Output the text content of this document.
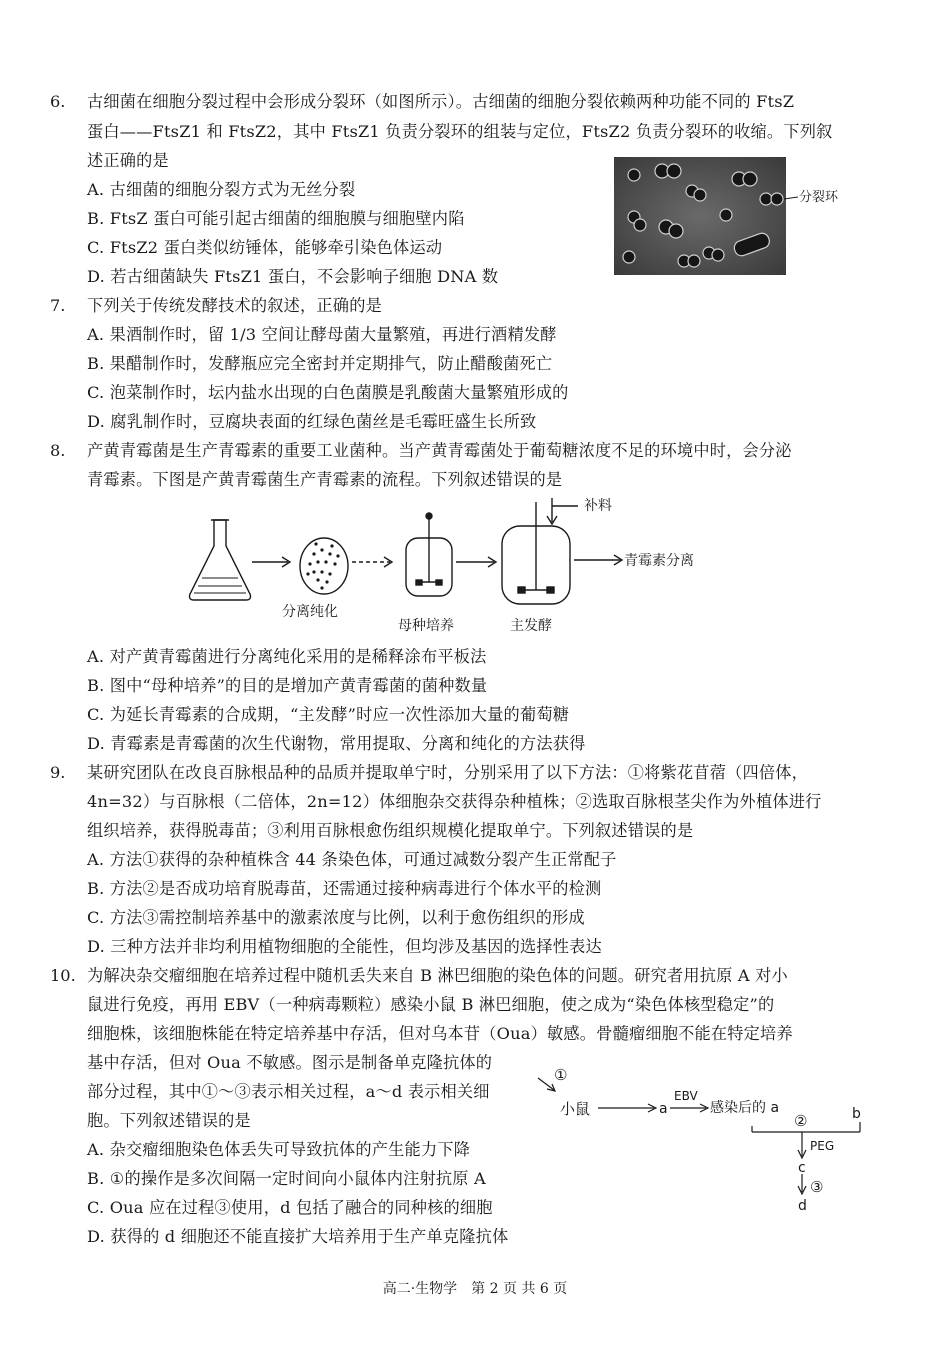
6. 古细菌在细胞分裂过程中会形成分裂环（如图所示）。古细菌的细胞分裂依赖两种功能不同的 FtsZ
蛋白——FtsZ1 和 FtsZ2，其中 FtsZ1 负责分裂环的组装与定位，FtsZ2 负责分裂环的收缩。下列叙
述正确的是
A. 古细菌的细胞分裂方式为无丝分裂
B. FtsZ 蛋白可能引起古细菌的细胞膜与细胞壁内陷
C. FtsZ2 蛋白类似纺锤体，能够牵引染色体运动
D. 若古细菌缺失 FtsZ1 蛋白，不会影响子细胞 DNA 数
分裂环
7. 下列关于传统发酵技术的叙述，正确的是
A. 果酒制作时，留 1/3 空间让酵母菌大量繁殖，再进行酒精发酵
B. 果醋制作时，发酵瓶应完全密封并定期排气，防止醋酸菌死亡
C. 泡菜制作时，坛内盐水出现的白色菌膜是乳酸菌大量繁殖形成的
D. 腐乳制作时，豆腐块表面的红绿色菌丝是毛霉旺盛生长所致
8. 产黄青霉菌是生产青霉素的重要工业菌种。当产黄青霉菌处于葡萄糖浓度不足的环境中时，会分泌
青霉素。下图是产黄青霉菌生产青霉素的流程。下列叙述错误的是
分离纯化
母种培养	主发酵
补料
青霉素分离
A. 对产黄青霉菌进行分离纯化采用的是稀释涂布平板法
B. 图中“母种培养”的目的是增加产黄青霉菌的菌种数量
C. 为延长青霉素的合成期，“主发酵”时应一次性添加大量的葡萄糖
D. 青霉素是青霉菌的次生代谢物，常用提取、分离和纯化的方法获得
9. 某研究团队在改良百脉根品种的品质并提取单宁时，分别采用了以下方法：①将紫花苜蓿（四倍体，
4n=32）与百脉根（二倍体，2n=12）体细胞杂交获得杂种植株；②选取百脉根茎尖作为外植体进行
组织培养，获得脱毒苗；③利用百脉根愈伤组织规模化提取单宁。下列叙述错误的是
A. 方法①获得的杂种植株含 44 条染色体，可通过减数分裂产生正常配子
B. 方法②是否成功培育脱毒苗，还需通过接种病毒进行个体水平的检测
C. 方法③需控制培养基中的激素浓度与比例，以利于愈伤组织的形成
D. 三种方法并非均利用植物细胞的全能性，但均涉及基因的选择性表达
10. 为解决杂交瘤细胞在培养过程中随机丢失来自 B 淋巴细胞的染色体的问题。研究者用抗原 A 对小
鼠进行免疫，再用 EBV（一种病毒颗粒）感染小鼠 B 淋巴细胞，使之成为“染色体核型稳定”的
细胞株，该细胞株能在特定培养基中存活，但对乌本苷（Oua）敏感。骨髓瘤细胞不能在特定培养
基中存活，但对 Oua 不敏感。图示是制备单克隆抗体的
部分过程，其中①～③表示相关过程，a～d 表示相关细
胞。下列叙述错误的是
A. 杂交瘤细胞染色体丢失可导致抗体的产生能力下降
B. ①的操作是多次间隔一定时间向小鼠体内注射抗原 A
C. Oua 应在过程③使用，d 包括了融合的同种核的细胞
D. 获得的 d 细胞还不能直接扩大培养用于生产单克隆抗体
①
小鼠	a
EBV
感染后的 a
②	b
PEG
c
③
d
高二·生物学　第 2 页 共 6 页
